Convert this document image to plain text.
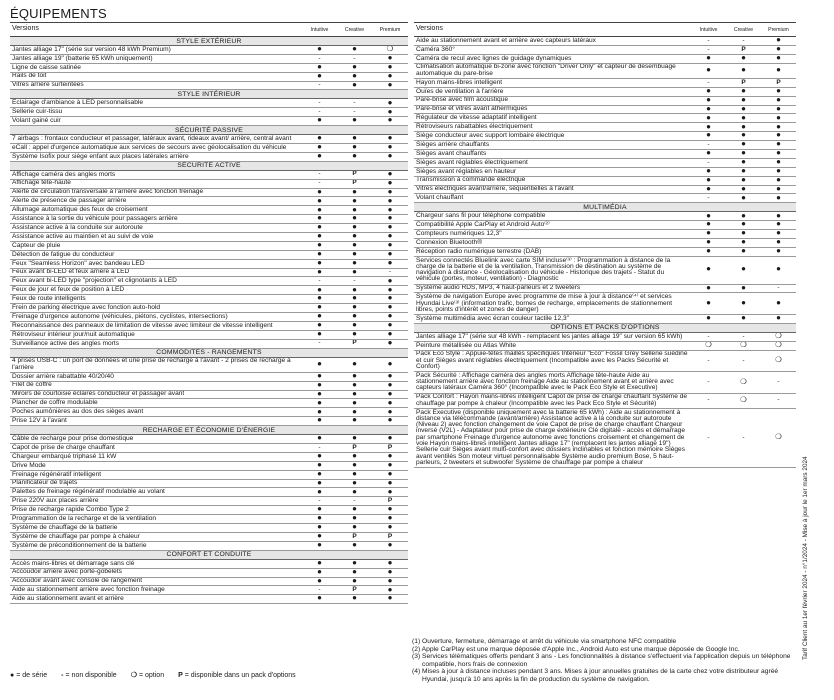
ÉQUIPEMENTS
Versions	Intuitive	Creative	Premium
STYLE EXTÉRIEUR			
Jantes alliage 17" (série sur version 48 kWh Premium)	●	●	❍
Jantes alliage 19" (batterie 65 kWh uniquement)	-	-	●
Ligne de caisse satinée	●	●	●
Rails de toit	●	●	●
Vitres arrière surteintées	-	●	●
STYLE INTÉRIEUR			
Eclairage d'ambiance à LED personnalisable	-	-	●
Sellerie cuir-tissu	-	-	●
Volant gainé cuir	●	●	●
SÉCURITÉ PASSIVE			
7 airbags : frontaux conducteur et passager, latéraux avant, rideaux avant/ arrière, central avant	●	●	●
eCall : appel d'urgence automatique aux services de secours avec géolocalisation du véhicule	●	●	●
Système Isofix pour siège enfant aux places latérales arrière	●	●	●
SÉCURITÉ ACTIVE			
Affichage caméra des angles morts	-	P	●
Affichage tête-haute	-	P	●
Alerte de circulation transversale à l'arrière avec fonction freinage	●	●	●
Alerte de présence de passager arrière	●	●	●
Allumage automatique des feux de croisement	●	●	●
Assistance à la sortie du véhicule pour passagers arrière	●	●	●
Assistance active à la conduite sur autoroute	●	●	●
Assistance active au maintien et au suivi de voie	●	●	●
Capteur de pluie	●	●	●
Détection de fatigue du conducteur	●	●	●
Feux "Seamless Horizon" avec bandeau LED	●	●	●
Feux avant bi-LED et feux arrière à LED	●	●	-
Feux avant bi-LED type "projection" et clignotants à LED	-	-	●
Feux de jour et feux de position à LED	●	●	●
Feux de route intelligents	●	●	●
Frein de parking électrique avec fonction auto-hold	●	●	●
Freinage d'urgence autonome (véhicules, piétons, cyclistes, intersections)	●	●	●
Reconnaissance des panneaux de limitation de vitesse avec limiteur de vitesse intelligent	●	●	●
Rétroviseur intérieur jour/nuit automatique	●	●	●
Surveillance active des angles morts	-	P	●
COMMODITÉS - RANGEMENTS			
4 prises USB-C : un port de données et une prise de recharge à l'avant - 2 prises de recharge à l'arrière	●	●	●
Dossier arrière rabattable 40/20/40	●	●	●
Filet de coffre	●	●	●
Miroirs de courtoisie éclairés conducteur et passager avant	●	●	●
Plancher de coffre modulable	●	●	●
Poches aumônières au dos des sièges avant	●	●	●
Prise 12V à l'avant	●	●	●
RECHARGE ET ÉCONOMIE D'ÉNERGIE			
Câble de recharge pour prise domestique	●	●	●
Capot de prise de charge chauffant	-	P	P
Chargeur embarqué triphasé 11 kW	●	●	●
Drive Mode	●	●	●
Freinage régénératif intelligent	●	●	●
Planificateur de trajets	●	●	●
Palettes de freinage régénératif modulable au volant	●	●	●
Prise 220V aux places arrière	-	-	P
Prise de recharge rapide Combo Type 2	●	●	●
Programmation de la recharge et de la ventilation	●	●	●
Système de chauffage de la batterie	●	●	●
Système de chauffage par pompe à chaleur	●	P	P
Système de préconditionnement de la batterie	●	●	●
CONFORT ET CONDUITE			
Accès mains-libres et démarrage sans clé	●	●	●
Accoudoir arrière avec porte-gobelets	●	●	●
Accoudoir avant avec console de rangement	●	●	●
Aide au stationnement arrière avec fonction freinage	-	P	●
Aide au stationnement avant et arrière	●	●	●
Versions	Intuitive	Creative	Premium
Aide au stationnement avant et arrière avec capteurs latéraux	-	-	●
Caméra 360°	-	P	●
Caméra de recul avec lignes de guidage dynamiques	●	●	●
Climatisation automatique bi-zone avec fonction "Driver Only" et capteur de désembuage automatique du pare-brise	●	●	●
Hayon mains-libres intelligent	-	P	P
Ouïes de ventilation à l'arrière	●	●	●
Pare-brise avec film acoustique	●	●	●
Pare-brise et vitres avant athermiques	●	●	●
Régulateur de vitesse adaptatif intelligent	●	●	●
Rétroviseurs rabattables électriquement	●	●	●
Siège conducteur avec support lombaire électrique	●	●	●
Sièges arrière chauffants	-	●	●
Sièges avant chauffants	●	●	●
Sièges avant réglables électriquement	-	●	●
Sièges avant réglables en hauteur	●	●	●
Transmission à commande électrique	●	●	●
Vitres électriques avant/arrière, séquentielles à l'avant	●	●	●
Volant chauffant	-	●	●
MULTIMÉDIA			
Chargeur sans fil pour téléphone compatible	●	●	●
Compatibilité Apple CarPlay et Android Auto⁽²⁾	●	●	●
Compteurs numériques 12,3"	●	●	●
Connexion Bluetooth®	●	●	●
Réception radio numérique terrestre (DAB)	●	●	●
Services connectés Bluelink avec carte SIM incluse⁽³⁾ : Programmation à distance de la charge de la batterie et de la ventilation, Transmission de destination au système de navigation à distance - Géolocalisation du véhicule - Historique des trajets - Statut du véhicule (portes, moteur, ventilation) - Diagnostic	●	●	●
Système audio RDS, MP3, 4 haut-parleurs et 2 tweeters	●	●	-
Système de navigation Europe avec programme de mise à jour à distance⁽⁴⁾ et services Hyundai Live⁽³⁾ (information trafic, bornes de recharge, emplacements de stationnement libres, points d'intérêt et zones de danger)	●	●	●
Système multimédia avec écran couleur tactile 12,3"	●	●	●
OPTIONS ET PACKS D'OPTIONS			
Jantes alliage 17" (série sur 48 kWh - remplacent les jantes alliage 19" sur version 65 kWh)	-	-	❍
Peinture métallisée ou Atlas White	❍	❍	❍
Pack Eco Style : Appuie-têtes maillés spécifiques Intérieur "Eco" Fossil Grey Sellerie suédine et cuir Sièges avant réglables électriquement (Incompatible avec les Packs Sécurité et Confort)	-	-	❍
Pack Sécurité : Affichage caméra des angles morts Affichage tête-haute Aide au stationnement arrière avec fonction freinage Aide au stationnement avant et arrière avec capteurs latéraux Caméra 360° (Incompatible avec le Pack Eco Style et Executive)	-	❍	-
Pack Confort : Hayon mains-libres intelligent Capot de prise de charge chauffant Système de chauffage par pompe à chaleur (Incompatible avec les Pack Eco Style et Sécurité)	-	❍	-
Pack Executive (disponible uniquement avec la batterie 65 kWh) : Aide au stationnement à distance via télécommande (avant/arrière) Assistance active à la conduite sur autoroute (Niveau 2) avec fonction changement de voie Capot de prise de charge chauffant Chargeur inversé (V2L) - Adaptateur pour prise de charge extérieure Clé digitale - accès et démarrage par smartphone Freinage d'urgence autonome avec fonctions croisement et changement de voie Hayon mains-libres intelligent Jantes alliage 17" (remplacent les jantes alliage 19") Sellerie cuir Sièges avant multi-confort avec dossiers inclinables et fonction mémoire Sièges avant ventilés Son moteur virtuel personnalisable Système audio premium Bose, 5 haut-parleurs, 2 tweeters et subwoofer Système de chauffage par pompe à chaleur	-	-	❍
● = de série - = non disponible ❍ = option P = disponible dans un pack d'options
(1) Ouverture, fermeture, démarrage et arrêt du véhicule via smartphone NFC compatible
(2) Apple CarPlay est une marque déposée d'Apple Inc., Android Auto est une marque déposée de Google Inc.
(3) Services télématiques offerts pendant 3 ans - Les fonctionnalités à distance s'effectuent via l'application depuis un téléphone compatible, hors frais de connexion
(4) Mises à jour à distance incluses pendant 3 ans. Mises à jour annuelles gratuites de la carte chez votre distributeur agréé Hyundai, jusqu'à 10 ans après la fin de production du système de navigation.
Tarif Client au 1er février 2024 - n°1/2024 - Mise à jour le 1er mars 2024
